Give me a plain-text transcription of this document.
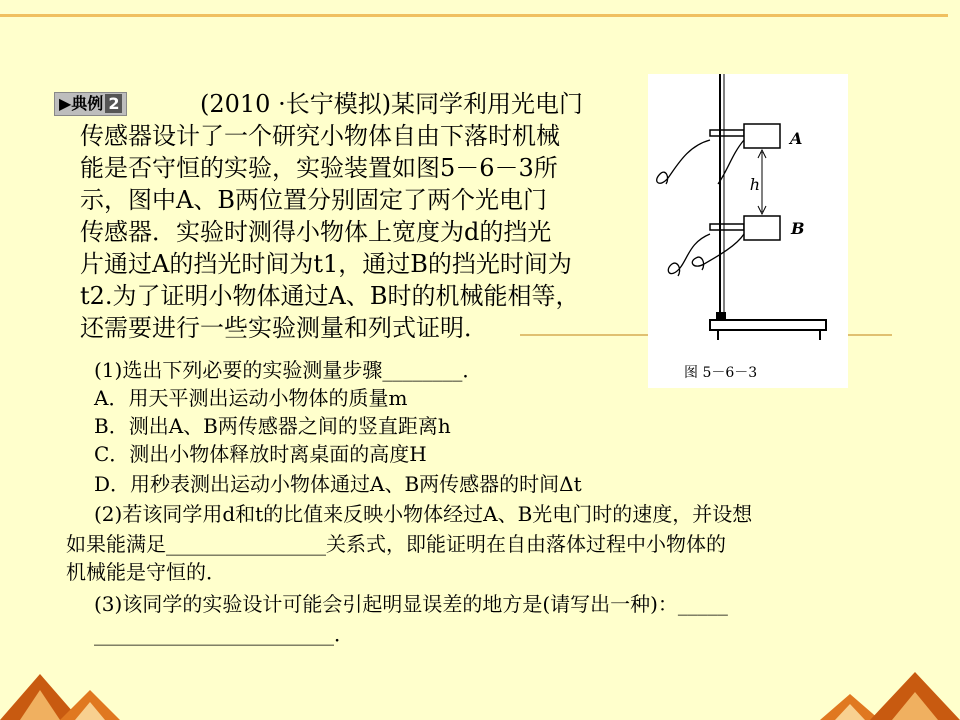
▶典例 2	(2010 ·长宁模拟)某同学利用光电门
传感器设计了一个研究小物体自由下落时机械
能是否守恒的实验，实验装置如图5－6－3所
示，图中A、B两位置分别固定了两个光电门
传感器．实验时测得小物体上宽度为d的挡光
片通过A的挡光时间为t1，通过B的挡光时间为
t2.为了证明小物体通过A、B时的机械能相等，
还需要进行一些实验测量和列式证明．
A
B
h
图 5－6－3
(1)选出下列必要的实验测量步骤________．
A．用天平测出运动小物体的质量m
B．测出A、B两传感器之间的竖直距离h
C．测出小物体释放时离桌面的高度H
D．用秒表测出运动小物体通过A、B两传感器的时间Δt
(2)若该同学用d和t的比值来反映小物体经过A、B光电门时的速度，并设想
如果能满足________________关系式，即能证明在自由落体过程中小物体的
机械能是守恒的．
(3)该同学的实验设计可能会引起明显误差的地方是(请写出一种)：_____
________________________．
